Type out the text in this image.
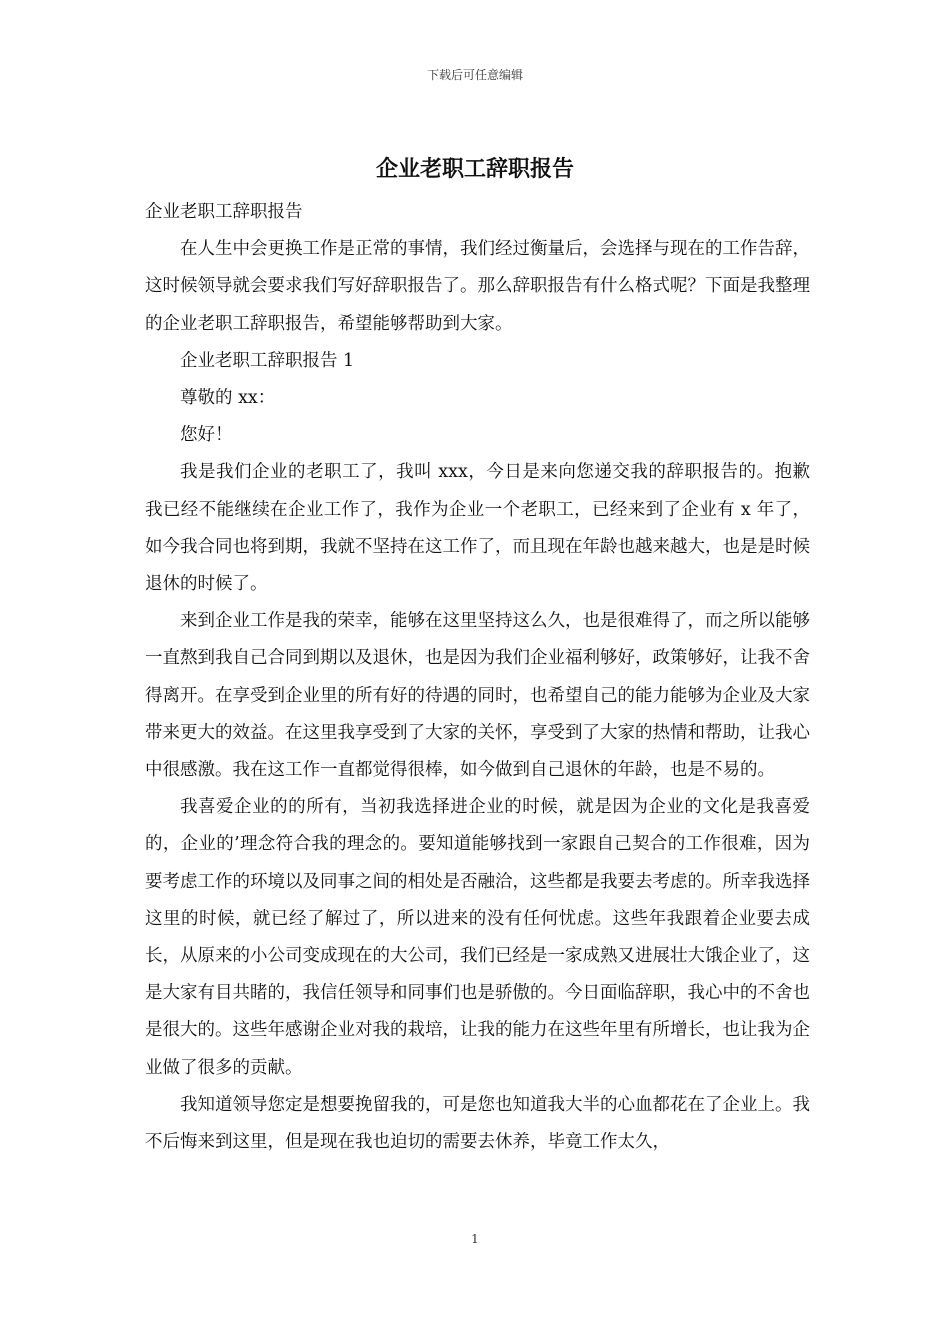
下载后可任意编辑
企业老职工辞职报告

企业老职工辞职报告

在人生中会更换工作是正常的事情，我们经过衡量后，会选择与现在的工作告辞，这时候领导就会要求我们写好辞职报告了。那么辞职报告有什么格式呢？下面是我整理的企业老职工辞职报告，希望能够帮助到大家。

企业老职工辞职报告 1

尊敬的 xx：

您好！

我是我们企业的老职工了，我叫 xxx，今日是来向您递交我的辞职报告的。抱歉我已经不能继续在企业工作了，我作为企业一个老职工，已经来到了企业有 x 年了，如今我合同也将到期，我就不坚持在这工作了，而且现在年龄也越来越大，也是是时候退休的时候了。

来到企业工作是我的荣幸，能够在这里坚持这么久，也是很难得了，而之所以能够一直熬到我自己合同到期以及退休，也是因为我们企业福利够好，政策够好，让我不舍得离开。在享受到企业里的所有好的待遇的同时，也希望自己的能力能够为企业及大家带来更大的效益。在这里我享受到了大家的关怀，享受到了大家的热情和帮助，让我心中很感激。我在这工作一直都觉得很棒，如今做到自己退休的年龄，也是不易的。

我喜爱企业的的所有，当初我选择进企业的时候，就是因为企业的文化是我喜爱的，企业的’理念符合我的理念的。要知道能够找到一家跟自己契合的工作很难，因为要考虑工作的环境以及同事之间的相处是否融洽，这些都是我要去考虑的。所幸我选择这里的时候，就已经了解过了，所以进来的没有任何忧虑。这些年我跟着企业要去成长，从原来的小公司变成现在的大公司，我们已经是一家成熟又进展壮大饿企业了，这是大家有目共睹的，我信任领导和同事们也是骄傲的。今日面临辞职，我心中的不舍也是很大的。这些年感谢企业对我的栽培，让我的能力在这些年里有所增长，也让我为企业做了很多的贡献。

我知道领导您定是想要挽留我的，可是您也知道我大半的心血都花在了企业上。我不后悔来到这里，但是现在我也迫切的需要去休养，毕竟工作太久，

1
